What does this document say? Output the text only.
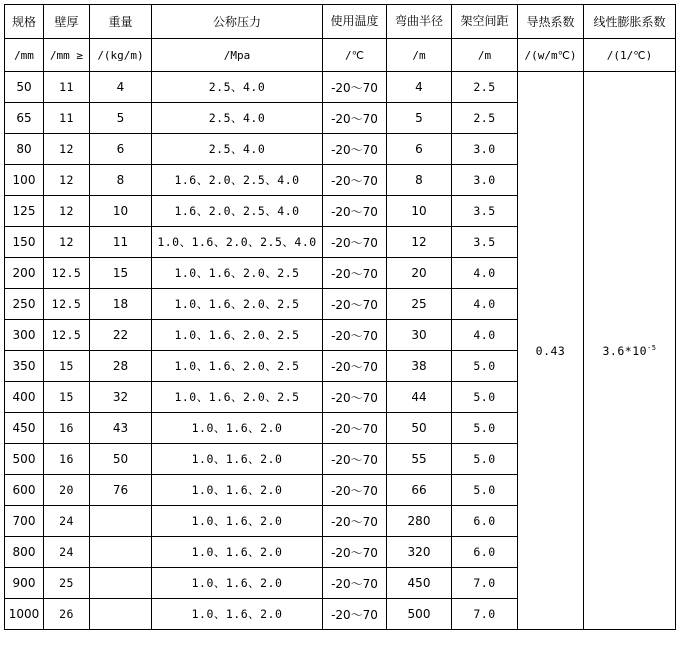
规格	壁厚	重量	公称压力	使用温度	弯曲半径	架空间距	导热系数	线性膨胀系数
/mm	/mm ≥	/(kg/m)	/Mpa	/℃	/m	/m	/(w/m℃)	/(1/℃)
50	11	4	2.5、4.0	-20～70	4	2.5	0.43	$3.6*10^{-5}$
65	11	5	2.5、4.0	-20～70	5	2.5		
80	12	6	2.5、4.0	-20～70	6	3.0		
100	12	8	1.6、2.0、2.5、4.0	-20～70	8	3.0		
125	12	10	1.6、2.0、2.5、4.0	-20～70	10	3.5		
150	12	11	1.0、1.6、2.0、2.5、4.0	-20～70	12	3.5		
200	12.5	15	1.0、1.6、2.0、2.5	-20～70	20	4.0		
250	12.5	18	1.0、1.6、2.0、2.5	-20～70	25	4.0		
300	12.5	22	1.0、1.6、2.0、2.5	-20～70	30	4.0		
350	15	28	1.0、1.6、2.0、2.5	-20～70	38	5.0		
400	15	32	1.0、1.6、2.0、2.5	-20～70	44	5.0		
450	16	43	1.0、1.6、2.0	-20～70	50	5.0		
500	16	50	1.0、1.6、2.0	-20～70	55	5.0		
600	20	76	1.0、1.6、2.0	-20～70	66	5.0		
700	24		1.0、1.6、2.0	-20～70	280	6.0		
800	24		1.0、1.6、2.0	-20～70	320	6.0		
900	25		1.0、1.6、2.0	-20～70	450	7.0		
1000	26		1.0、1.6、2.0	-20～70	500	7.0		
